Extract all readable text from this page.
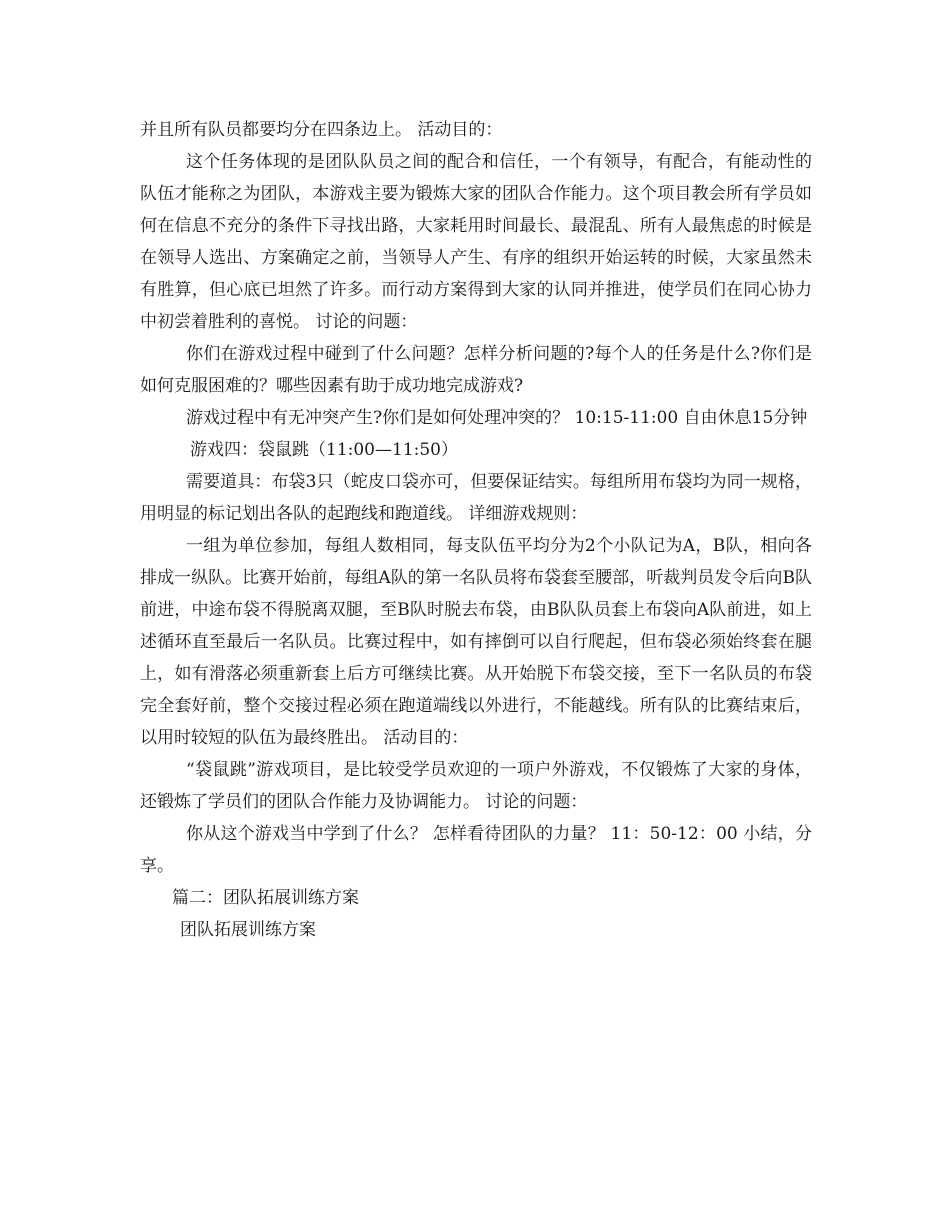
并且所有队员都要均分在四条边上。 活动目的：

这个任务体现的是团队队员之间的配合和信任，一个有领导，有配合，有能动性的队伍才能称之为团队，本游戏主要为锻炼大家的团队合作能力。这个项目教会所有学员如何在信息不充分的条件下寻找出路，大家耗用时间最长、最混乱、所有人最焦虑的时候是在领导人选出、方案确定之前，当领导人产生、有序的组织开始运转的时候，大家虽然未有胜算，但心底已坦然了许多。而行动方案得到大家的认同并推进，使学员们在同心协力中初尝着胜利的喜悦。 讨论的问题：

你们在游戏过程中碰到了什么问题？怎样分析问题的?每个人的任务是什么?你们是如何克服困难的？哪些因素有助于成功地完成游戏?

游戏过程中有无冲突产生?你们是如何处理冲突的？ 10:15-11:00 自由休息15分钟

游戏四：袋鼠跳（11:00—11:50）

需要道具：布袋3只（蛇皮口袋亦可，但要保证结实。每组所用布袋均为同一规格，用明显的标记划出各队的起跑线和跑道线。 详细游戏规则：

一组为单位参加，每组人数相同，每支队伍平均分为2个小队记为A，B队，相向各排成一纵队。比赛开始前，每组A队的第一名队员将布袋套至腰部，听裁判员发令后向B队前进，中途布袋不得脱离双腿，至B队时脱去布袋，由B队队员套上布袋向A队前进，如上述循环直至最后一名队员。比赛过程中，如有摔倒可以自行爬起，但布袋必须始终套在腿上，如有滑落必须重新套上后方可继续比赛。从开始脱下布袋交接，至下一名队员的布袋完全套好前，整个交接过程必须在跑道端线以外进行，不能越线。所有队的比赛结束后，以用时较短的队伍为最终胜出。 活动目的：

“袋鼠跳”游戏项目，是比较受学员欢迎的一项户外游戏，不仅锻炼了大家的身体，还锻炼了学员们的团队合作能力及协调能力。 讨论的问题：

你从这个游戏当中学到了什么？ 怎样看待团队的力量？ 11：50-12：00 小结，分享。

篇二：团队拓展训练方案

团队拓展训练方案
